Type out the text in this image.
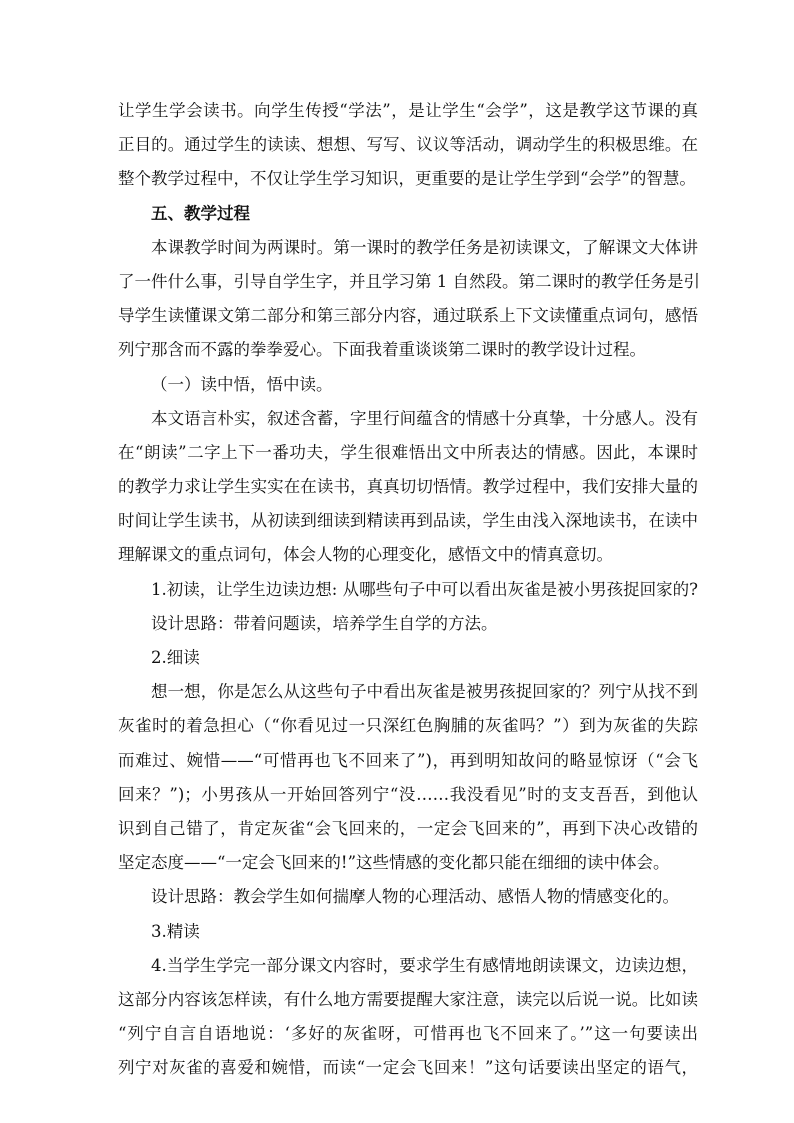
让学生学会读书。向学生传授“学法”，是让学生“会学”，这是教学这节课的真
正目的。通过学生的读读、想想、写写、议议等活动，调动学生的积极思维。在
整个教学过程中，不仅让学生学习知识，更重要的是让学生学到“会学”的智慧。
五、教学过程
本课教学时间为两课时。第一课时的教学任务是初读课文，了解课文大体讲
了一件什么事，引导自学生字，并且学习第 1 自然段。第二课时的教学任务是引
导学生读懂课文第二部分和第三部分内容，通过联系上下文读懂重点词句，感悟
列宁那含而不露的拳拳爱心。下面我着重谈谈第二课时的教学设计过程。
（一）读中悟，悟中读。
本文语言朴实，叙述含蓄，字里行间蕴含的情感十分真挚，十分感人。没有
在“朗读”二字上下一番功夫，学生很难悟出文中所表达的情感。因此，本课时
的教学力求让学生实实在在读书，真真切切悟情。教学过程中，我们安排大量的
时间让学生读书，从初读到细读到精读再到品读，学生由浅入深地读书，在读中
理解课文的重点词句，体会人物的心理变化，感悟文中的情真意切。
1.初读，让学生边读边想: 从哪些句子中可以看出灰雀是被小男孩捉回家的?
设计思路：带着问题读，培养学生自学的方法。
2.细读
想一想，你是怎么从这些句子中看出灰雀是被男孩捉回家的？列宁从找不到
灰雀时的着急担心（“你看见过一只深红色胸脯的灰雀吗？”）到为灰雀的失踪
而难过、婉惜——“可惜再也飞不回来了”)，再到明知故问的略显惊讶（“会飞
回来？”)；小男孩从一开始回答列宁“没……我没看见”时的支支吾吾，到他认
识到自己错了，肯定灰雀“会飞回来的，一定会飞回来的”，再到下决心改错的
坚定态度——“一定会飞回来的!”这些情感的变化都只能在细细的读中体会。
设计思路：教会学生如何揣摩人物的心理活动、感悟人物的情感变化的。
3.精读
4.当学生学完一部分课文内容时，要求学生有感情地朗读课文，边读边想，
这部分内容该怎样读，有什么地方需要提醒大家注意，读完以后说一说。比如读
“列宁自言自语地说：‘多好的灰雀呀，可惜再也飞不回来了。’”这一句要读出
列宁对灰雀的喜爱和婉惜，而读“一定会飞回来！”这句话要读出坚定的语气，
